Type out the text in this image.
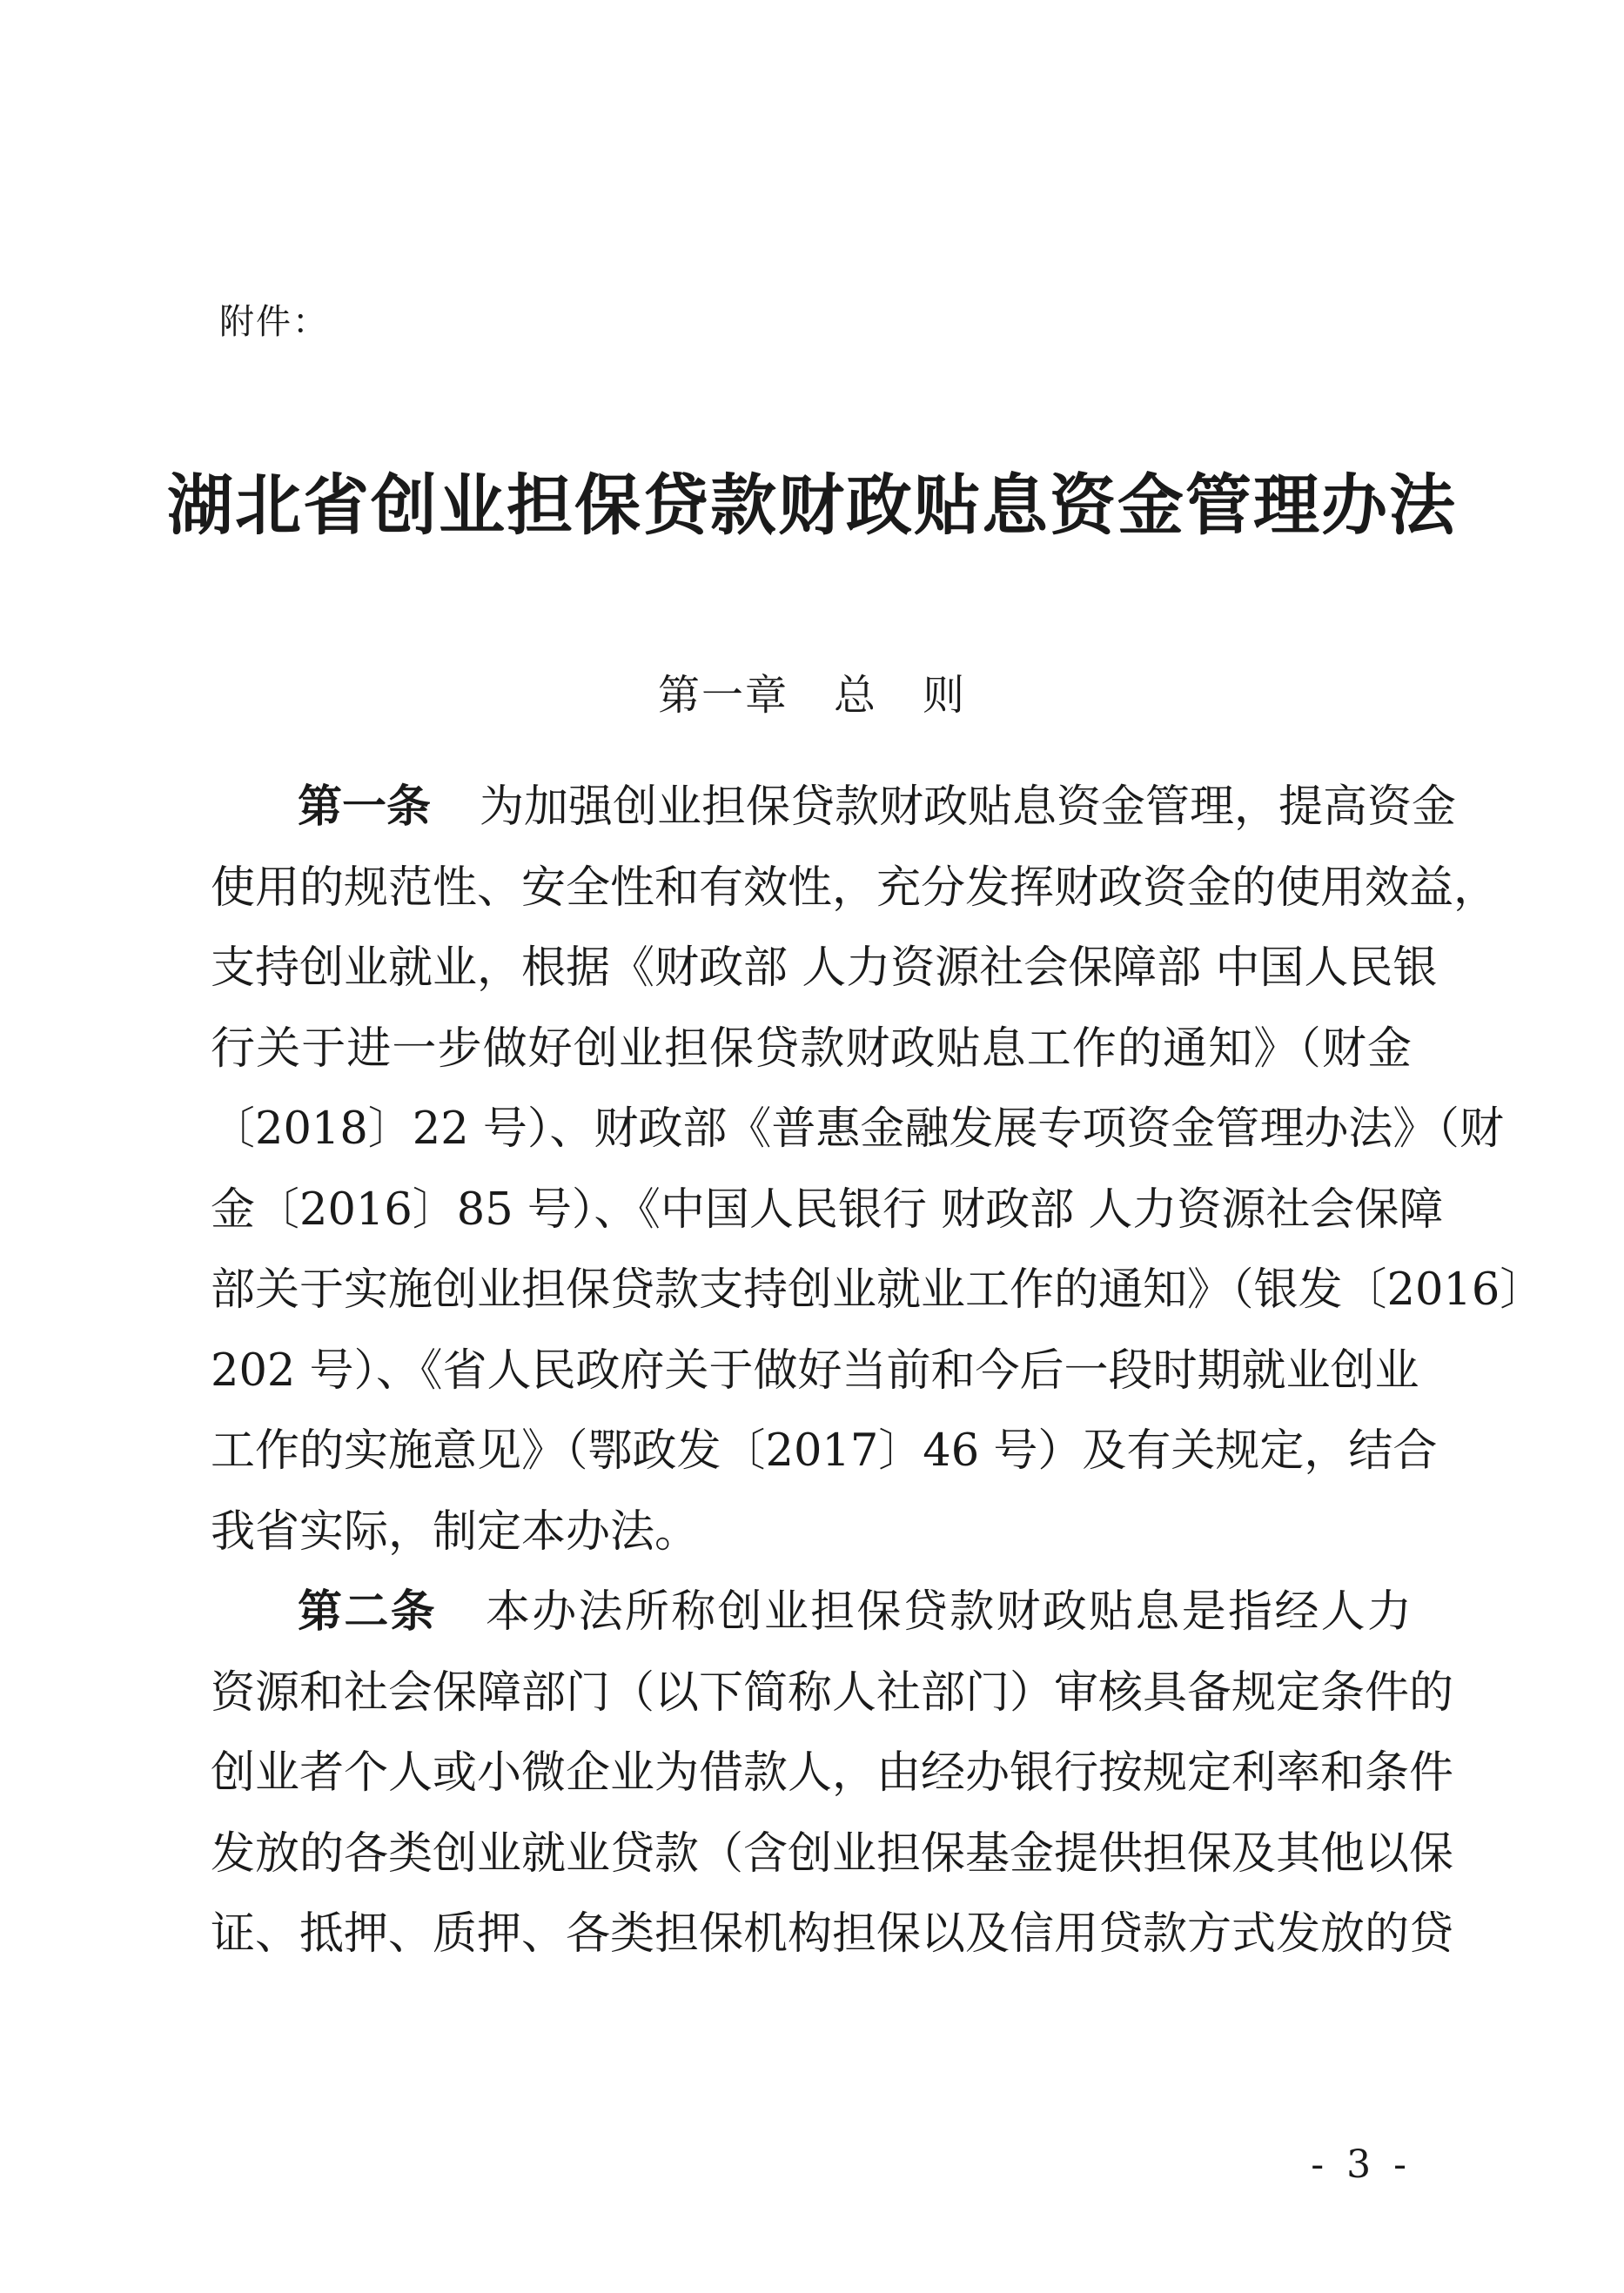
附件：
湖北省创业担保贷款财政贴息资金管理办法
第一章 总 则
第一条 为加强创业担保贷款财政贴息资金管理，提高资金
使用的规范性、安全性和有效性，充分发挥财政资金的使用效益，
支持创业就业，根据《财政部 人力资源社会保障部 中国人民银
行关于进一步做好创业担保贷款财政贴息工作的通知》（财金
〔2018〕22 号）、财政部《普惠金融发展专项资金管理办法》（财
金〔2016〕85 号）、《中国人民银行 财政部 人力资源社会保障
部关于实施创业担保贷款支持创业就业工作的通知》（银发〔2016〕
202 号）、《省人民政府关于做好当前和今后一段时期就业创业
工作的实施意见》（鄂政发〔2017〕46 号）及有关规定，结合
我省实际，制定本办法。
第二条 本办法所称创业担保贷款财政贴息是指经人力
资源和社会保障部门（以下简称人社部门）审核具备规定条件的
创业者个人或小微企业为借款人，由经办银行按规定利率和条件
发放的各类创业就业贷款（含创业担保基金提供担保及其他以保
证、抵押、质押、各类担保机构担保以及信用贷款方式发放的贷
- 3 -
